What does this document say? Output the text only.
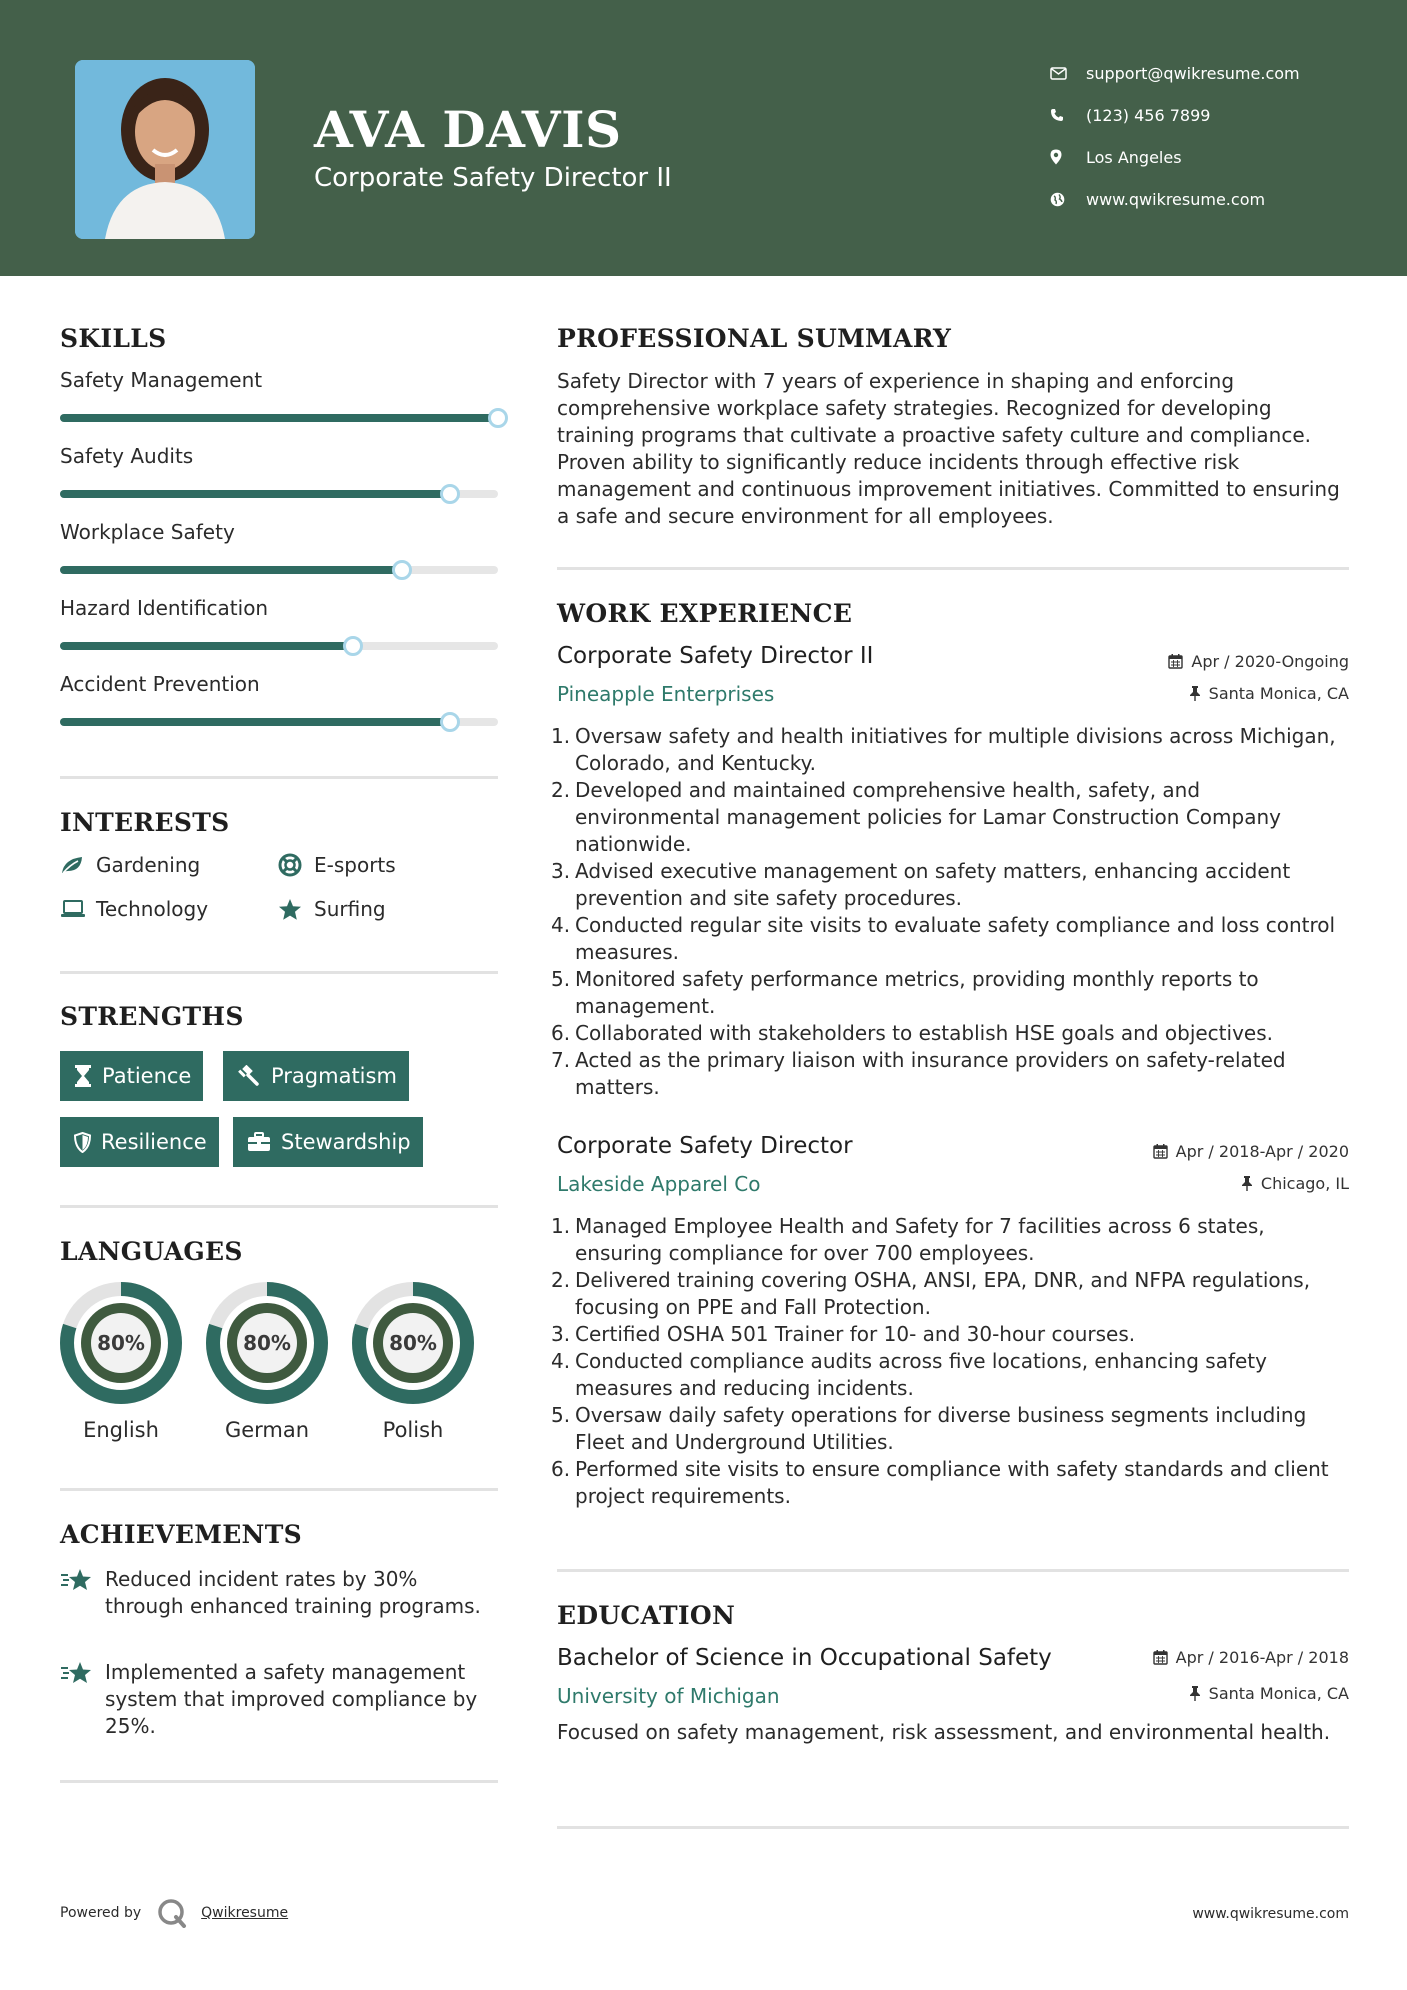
AVA DAVIS
Corporate Safety Director II
support@qwikresume.com
(123) 456 7899
Los Angeles
www.qwikresume.com
SKILLS
Safety Management
Safety Audits
Workplace Safety
Hazard Identification
Accident Prevention
INTERESTS
Gardening	E-sports
Technology	Surfing
STRENGTHS
Patience	Pragmatism
Resilience	Stewardship
LANGUAGES
80%
English
80%
German
80%
Polish
ACHIEVEMENTS
Reduced incident rates by 30% through enhanced training programs.
Implemented a safety management system that improved compliance by 25%.
PROFESSIONAL SUMMARY
Safety Director with 7 years of experience in shaping and enforcing comprehensive workplace safety strategies. Recognized for developing training programs that cultivate a proactive safety culture and compliance. Proven ability to significantly reduce incidents through effective risk management and continuous improvement initiatives. Committed to ensuring a safe and secure environment for all employees.
WORK EXPERIENCE
Corporate Safety Director II	Apr / 2020-Ongoing
Pineapple Enterprises	Santa Monica, CA
1. Oversaw safety and health initiatives for multiple divisions across Michigan, Colorado, and Kentucky.
2. Developed and maintained comprehensive health, safety, and environmental management policies for Lamar Construction Company nationwide.
3. Advised executive management on safety matters, enhancing accident prevention and site safety procedures.
4. Conducted regular site visits to evaluate safety compliance and loss control measures.
5. Monitored safety performance metrics, providing monthly reports to management.
6. Collaborated with stakeholders to establish HSE goals and objectives.
7. Acted as the primary liaison with insurance providers on safety-related matters.
Corporate Safety Director	Apr / 2018-Apr / 2020
Lakeside Apparel Co	Chicago, IL
1. Managed Employee Health and Safety for 7 facilities across 6 states, ensuring compliance for over 700 employees.
2. Delivered training covering OSHA, ANSI, EPA, DNR, and NFPA regulations, focusing on PPE and Fall Protection.
3. Certified OSHA 501 Trainer for 10- and 30-hour courses.
4. Conducted compliance audits across five locations, enhancing safety measures and reducing incidents.
5. Oversaw daily safety operations for diverse business segments including Fleet and Underground Utilities.
6. Performed site visits to ensure compliance with safety standards and client project requirements.
EDUCATION
Bachelor of Science in Occupational Safety	Apr / 2016-Apr / 2018
University of Michigan	Santa Monica, CA
Focused on safety management, risk assessment, and environmental health.
Powered by	Qwikresume	www.qwikresume.com
